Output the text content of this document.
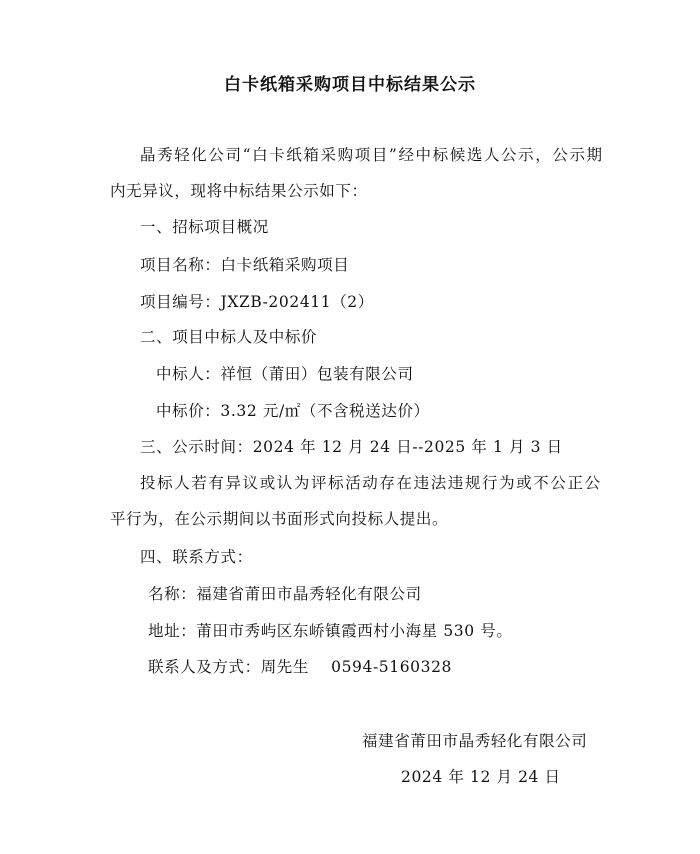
白卡纸箱采购项目中标结果公示
晶秀轻化公司“白卡纸箱采购项目”经中标候选人公示，公示期
内无异议，现将中标结果公示如下：
一、招标项目概况
项目名称：白卡纸箱采购项目
项目编号：JXZB-202411（2）
二、项目中标人及中标价
中标人：祥恒（莆田）包装有限公司
中标价：3.32 元/㎡（不含税送达价）
三、公示时间：2024 年 12 月 24 日--2025 年 1 月 3 日
投标人若有异议或认为评标活动存在违法违规行为或不公正公
平行为，在公示期间以书面形式向投标人提出。
四、联系方式：
名称：福建省莆田市晶秀轻化有限公司
地址：莆田市秀屿区东峤镇霞西村小海星 530 号。
联系人及方式：周先生    0594-5160328
福建省莆田市晶秀轻化有限公司
2024 年 12 月 24 日
